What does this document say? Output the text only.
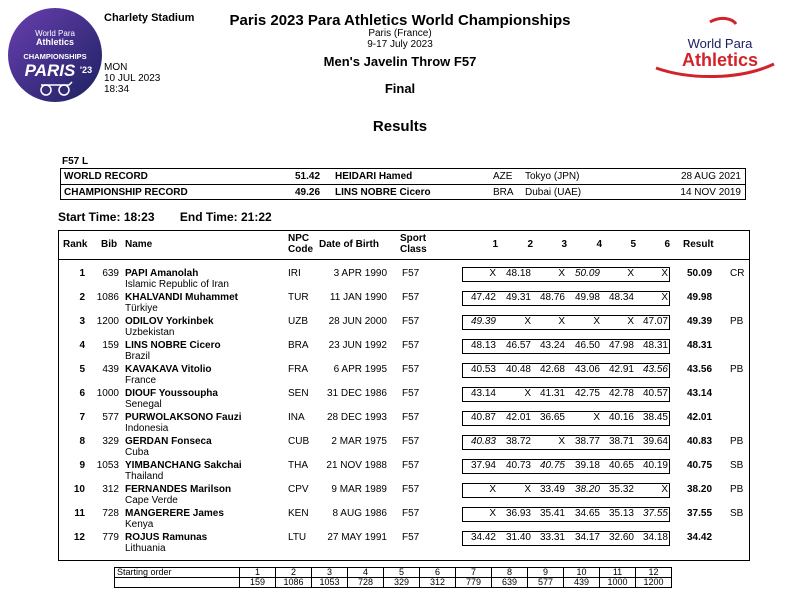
World Para
Athletics
CHAMPIONSHIPS
PARIS '23
Charlety Stadium
MON
10 JUL 2023
18:34
Paris 2023 Para Athletics World Championships
Paris (France)
9-17 July 2023
Men's Javelin Throw F57
Final
Results
World Para
Athletics
F57 L
WORLD RECORD	51.42 HEIDARI Hamed	AZE Tokyo (JPN)	28 AUG 2021
CHAMPIONSHIP RECORD	49.26 LINS NOBRE Cicero	BRA Dubai (UAE)	14 NOV 2019
Start Time: 18:23 End Time: 21:22
Rank Bib Name
NPC
Code Date of Birth
Sport
Class	1	2	3	4	5	6 Result
1	639 PAPI Amanolah
Islamic Republic of Iran
IRI	3 APR 1990 F57	50.09 CR
X 48.18	X 50.09	X	X
2	1086 KHALVANDI Muhammet
Türkiye
TUR	11 JAN 1990 F57	49.98
47.42 49.31 48.76 49.98 48.34	X
3	1200 ODILOV Yorkinbek
Uzbekistan
UZB	28 JUN 2000 F57	49.39 PB
49.39	X	X	X	X 47.07
4	159 LINS NOBRE Cicero
Brazil
BRA	23 JUN 1992 F57	48.31
48.13 46.57 43.24 46.50 47.98 48.31
5	439 KAVAKAVA Vitolio
France
FRA	6 APR 1995 F57	43.56 PB
40.53 40.48 42.68 43.06 42.91 43.56
6	1000 DIOUF Youssoupha
Senegal
SEN	31 DEC 1986 F57	43.14
43.14	X 41.31 42.75 42.78 40.57
7	577 PURWOLAKSONO Fauzi
Indonesia
INA	28 DEC 1993 F57	42.01
40.87 42.01 36.65	X 40.16 38.45
8	329 GERDAN Fonseca
Cuba
CUB	2 MAR 1975 F57	40.83 PB
40.83 38.72	X 38.77 38.71 39.64
9	1053 YIMBANCHANG Sakchai
Thailand
THA	21 NOV 1988 F57	40.75 SB
37.94 40.73 40.75 39.18 40.65 40.19
10	312 FERNANDES Marilson
Cape Verde
CPV	9 MAR 1989 F57	38.20 PB
X	X 33.49 38.20 35.32	X
11	728 MANGERERE James
Kenya
KEN	8 AUG 1986 F57	37.55 SB
X 36.93 35.41 34.65 35.13 37.55
12	779 ROJUS Ramunas
Lithuania
LTU	27 MAY 1991 F57	34.42
34.42 31.40 33.31 34.17 32.60 34.18
Starting order	1	2	3	4	5	6	7	8	9	10	11	12
	159	1086	1053	728	329	312	779	639	577	439	1000	1200
